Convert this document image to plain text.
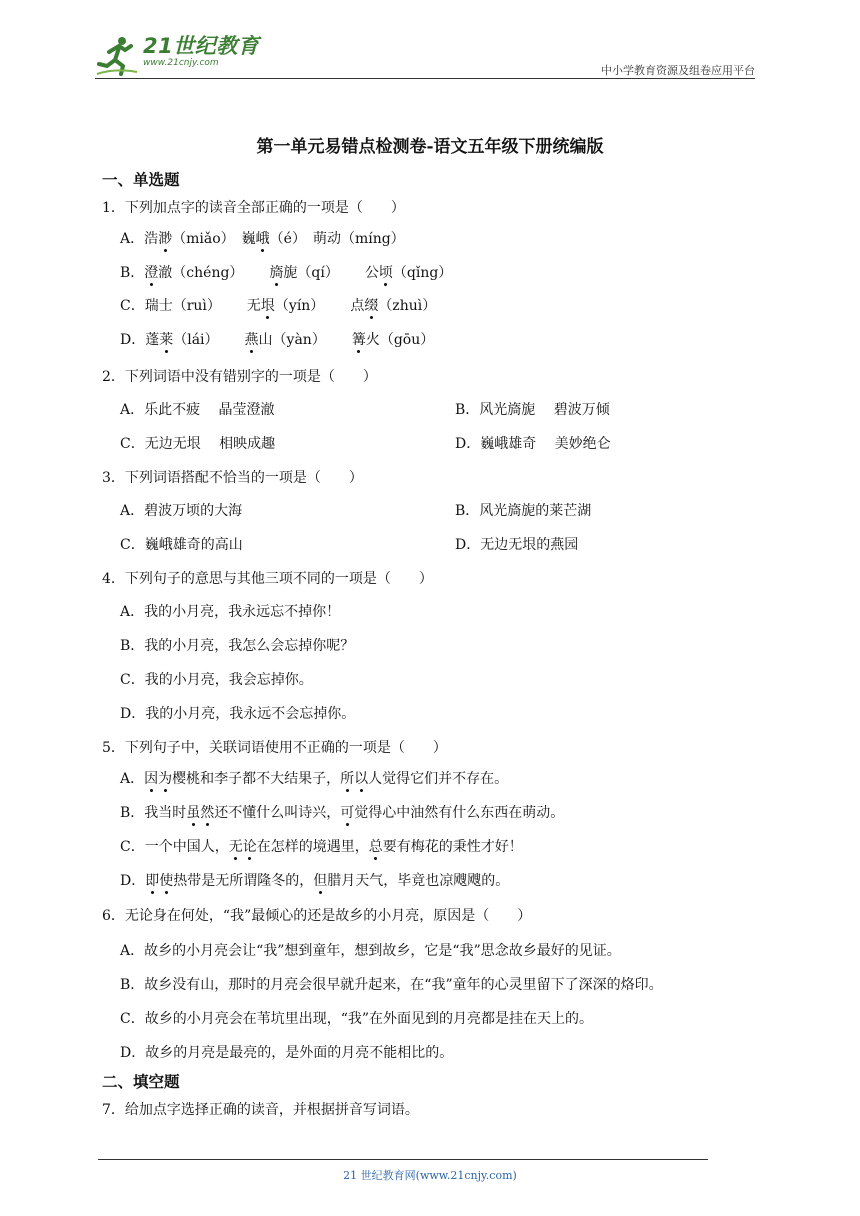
21世纪教育
www.21cnjy.com
中小学教育资源及组卷应用平台
第一单元易错点检测卷-语文五年级下册统编版
一、单选题
1．下列加点字的读音全部正确的一项是（　　）
A．浩渺（miǎo）　 巍峨（é）　 萌动（míng）
B．澄澈（chéng） 旖旎（qí） 公顷（qǐng）
C．瑞士（ruì） 无垠（yín） 点缀（zhuì）
D．蓬莱（lái） 燕山（yàn） 篝火（gōu）
2．下列词语中没有错别字的一项是（　　）
A．乐此不疲　 晶莹澄澈	B．风光旖旎　 碧波万倾
C．无边无垠　 相映成趣	D．巍峨雄奇　 美妙绝仑
3．下列词语搭配不恰当的一项是（　　）
A．碧波万顷的大海	B．风光旖旎的莱芒湖
C．巍峨雄奇的高山	D．无边无垠的燕园
4．下列句子的意思与其他三项不同的一项是（　　）
A．我的小月亮，我永远忘不掉你！
B．我的小月亮，我怎么会忘掉你呢？
C．我的小月亮，我会忘掉你。
D．我的小月亮，我永远不会忘掉你。
5．下列句子中，关联词语使用不正确的一项是（　　）
A．因为樱桃和李子都不大结果子，所以人觉得它们并不存在。
B．我当时虽然还不懂什么叫诗兴，可觉得心中油然有什么东西在萌动。
C．一个中国人，无论在怎样的境遇里，总要有梅花的秉性才好！
D．即使热带是无所谓隆冬的，但腊月天气，毕竟也凉飕飕的。
6．无论身在何处，“我”最倾心的还是故乡的小月亮，原因是（　　）
A．故乡的小月亮会让“我”想到童年，想到故乡，它是“我”思念故乡最好的见证。
B．故乡没有山，那时的月亮会很早就升起来，在“我”童年的心灵里留下了深深的烙印。
C．故乡的小月亮会在苇坑里出现，“我”在外面见到的月亮都是挂在天上的。
D．故乡的月亮是最亮的，是外面的月亮不能相比的。
二、填空题
7．给加点字选择正确的读音，并根据拼音写词语。
21 世纪教育网(www.21cnjy.com)
